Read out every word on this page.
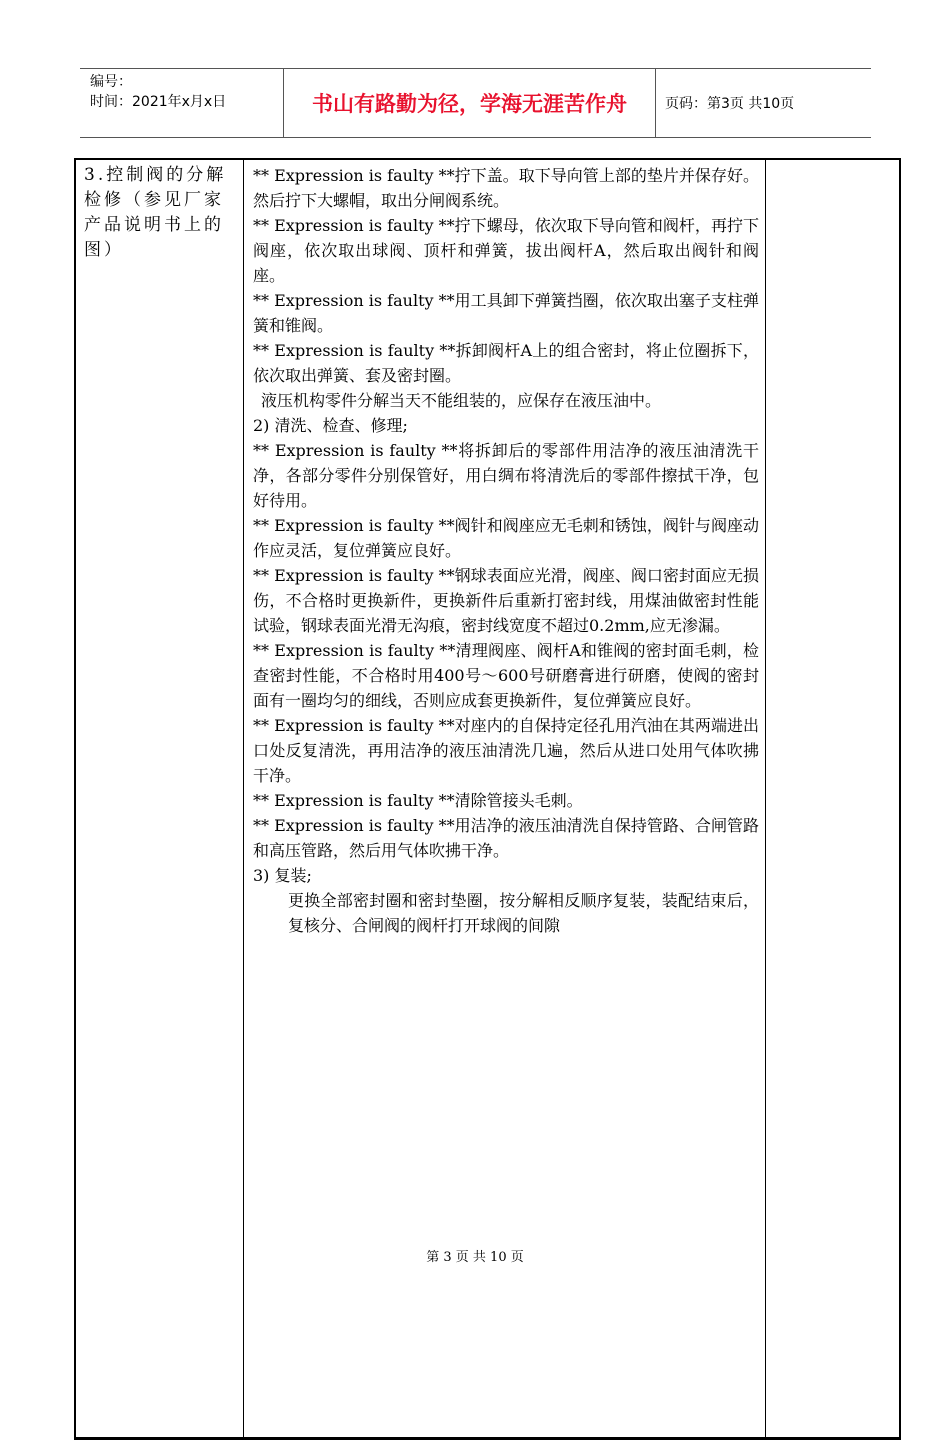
编号：
时间：2021年x月x日	书山有路勤为径，学海无涯苦作舟	页码：第3页 共10页

3.控制阀的分解检修（参见厂家产品说明书上的图）

** Expression is faulty **拧下盖。取下导向管上部的垫片并保存好。然后拧下大螺帽，取出分闸阀系统。

** Expression is faulty **拧下螺母，依次取下导向管和阀杆，再拧下阀座，依次取出球阀、顶杆和弹簧，拔出阀杆A，然后取出阀针和阀座。

** Expression is faulty **用工具卸下弹簧挡圈，依次取出塞子支柱弹簧和锥阀。

** Expression is faulty **拆卸阀杆A上的组合密封，将止位圈拆下，依次取出弹簧、套及密封圈。

液压机构零件分解当天不能组装的，应保存在液压油中。

2) 清洗、检查、修理;

** Expression is faulty **将拆卸后的零部件用洁净的液压油清洗干净，各部分零件分别保管好，用白绸布将清洗后的零部件擦拭干净，包好待用。

** Expression is faulty **阀针和阀座应无毛刺和锈蚀，阀针与阀座动作应灵活，复位弹簧应良好。

** Expression is faulty **钢球表面应光滑，阀座、阀口密封面应无损伤，不合格时更换新件，更换新件后重新打密封线，用煤油做密封性能试验，钢球表面光滑无沟痕，密封线宽度不超过0.2mm,应无渗漏。

** Expression is faulty **清理阀座、阀杆A和锥阀的密封面毛刺，检查密封性能，不合格时用400号～600号研磨膏进行研磨，使阀的密封面有一圈均匀的细线，否则应成套更换新件，复位弹簧应良好。

** Expression is faulty **对座内的自保持定径孔用汽油在其两端进出口处反复清洗，再用洁净的液压油清洗几遍，然后从进口处用气体吹拂干净。

** Expression is faulty **清除管接头毛刺。

** Expression is faulty **用洁净的液压油清洗自保持管路、合闸管路和高压管路，然后用气体吹拂干净。

3) 复装;

更换全部密封圈和密封垫圈，按分解相反顺序复装，装配结束后，复核分、合闸阀的阀杆打开球阀的间隙

第 3 页 共 10 页
